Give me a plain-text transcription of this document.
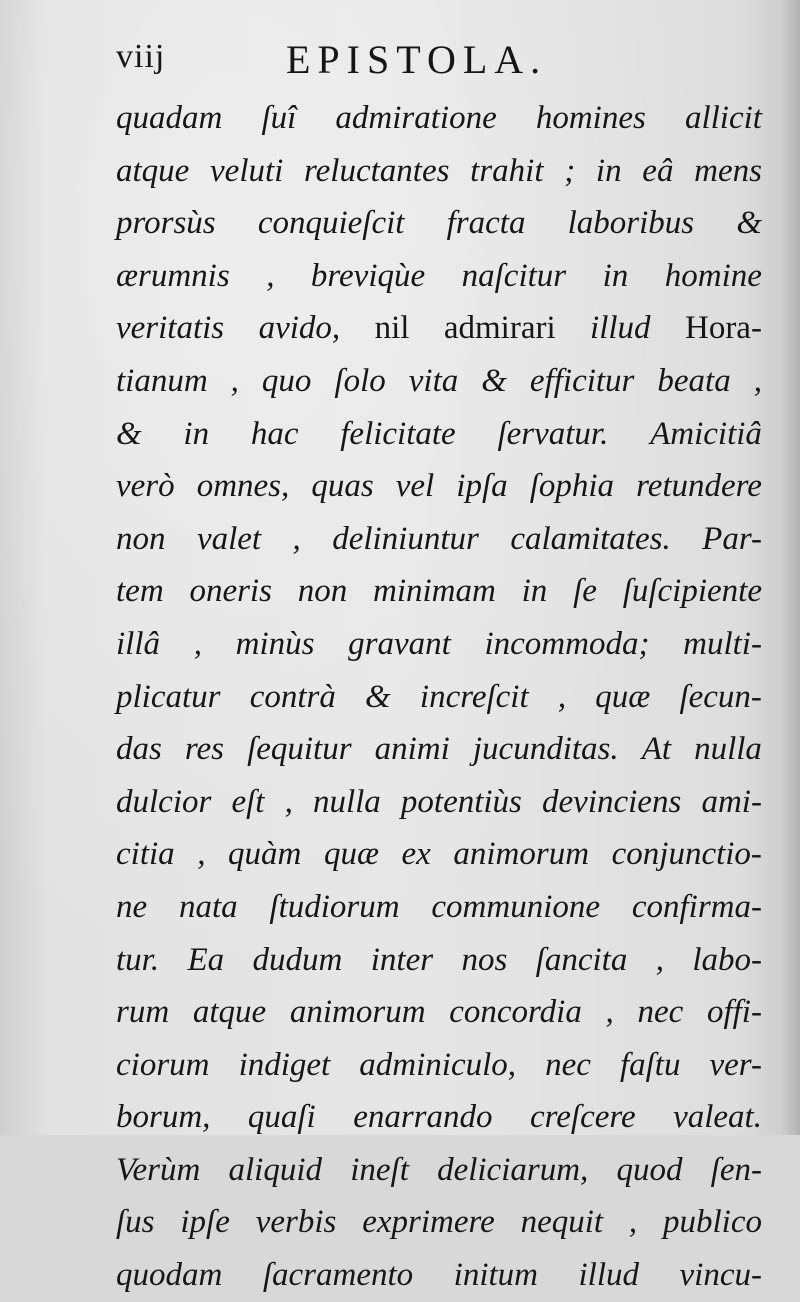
viij	EPISTOLA.
quadam ſuî admiratione homines allicit
atque veluti reluctantes trahit ; in eâ mens
prorsùs conquieſcit fracta laboribus &
ærumnis , breviqùe naſcitur in homine
veritatis avido, nil admirari illud Hora-
tianum , quo ſolo vita & efficitur beata ,
& in hac felicitate ſervatur. Amicitiâ
verò omnes, quas vel ipſa ſophia retundere
non valet , deliniuntur calamitates. Par-
tem oneris non minimam in ſe ſuſcipiente
illâ , minùs gravant incommoda; multi-
plicatur contrà & increſcit , quæ ſecun-
das res ſequitur animi jucunditas. At nulla
dulcior eſt , nulla potentiùs devinciens ami-
citia , quàm quæ ex animorum conjunctio-
ne nata ſtudiorum communione confirma-
tur. Ea dudum inter nos ſancita , labo-
rum atque animorum concordia , nec offi-
ciorum indiget adminiculo, nec faſtu ver-
borum, quaſi enarrando creſcere valeat.
Verùm aliquid ineſt deliciarum, quod ſen-
ſus ipſe verbis exprimere nequit , publico
quodam ſacramento initum illud vincu-
